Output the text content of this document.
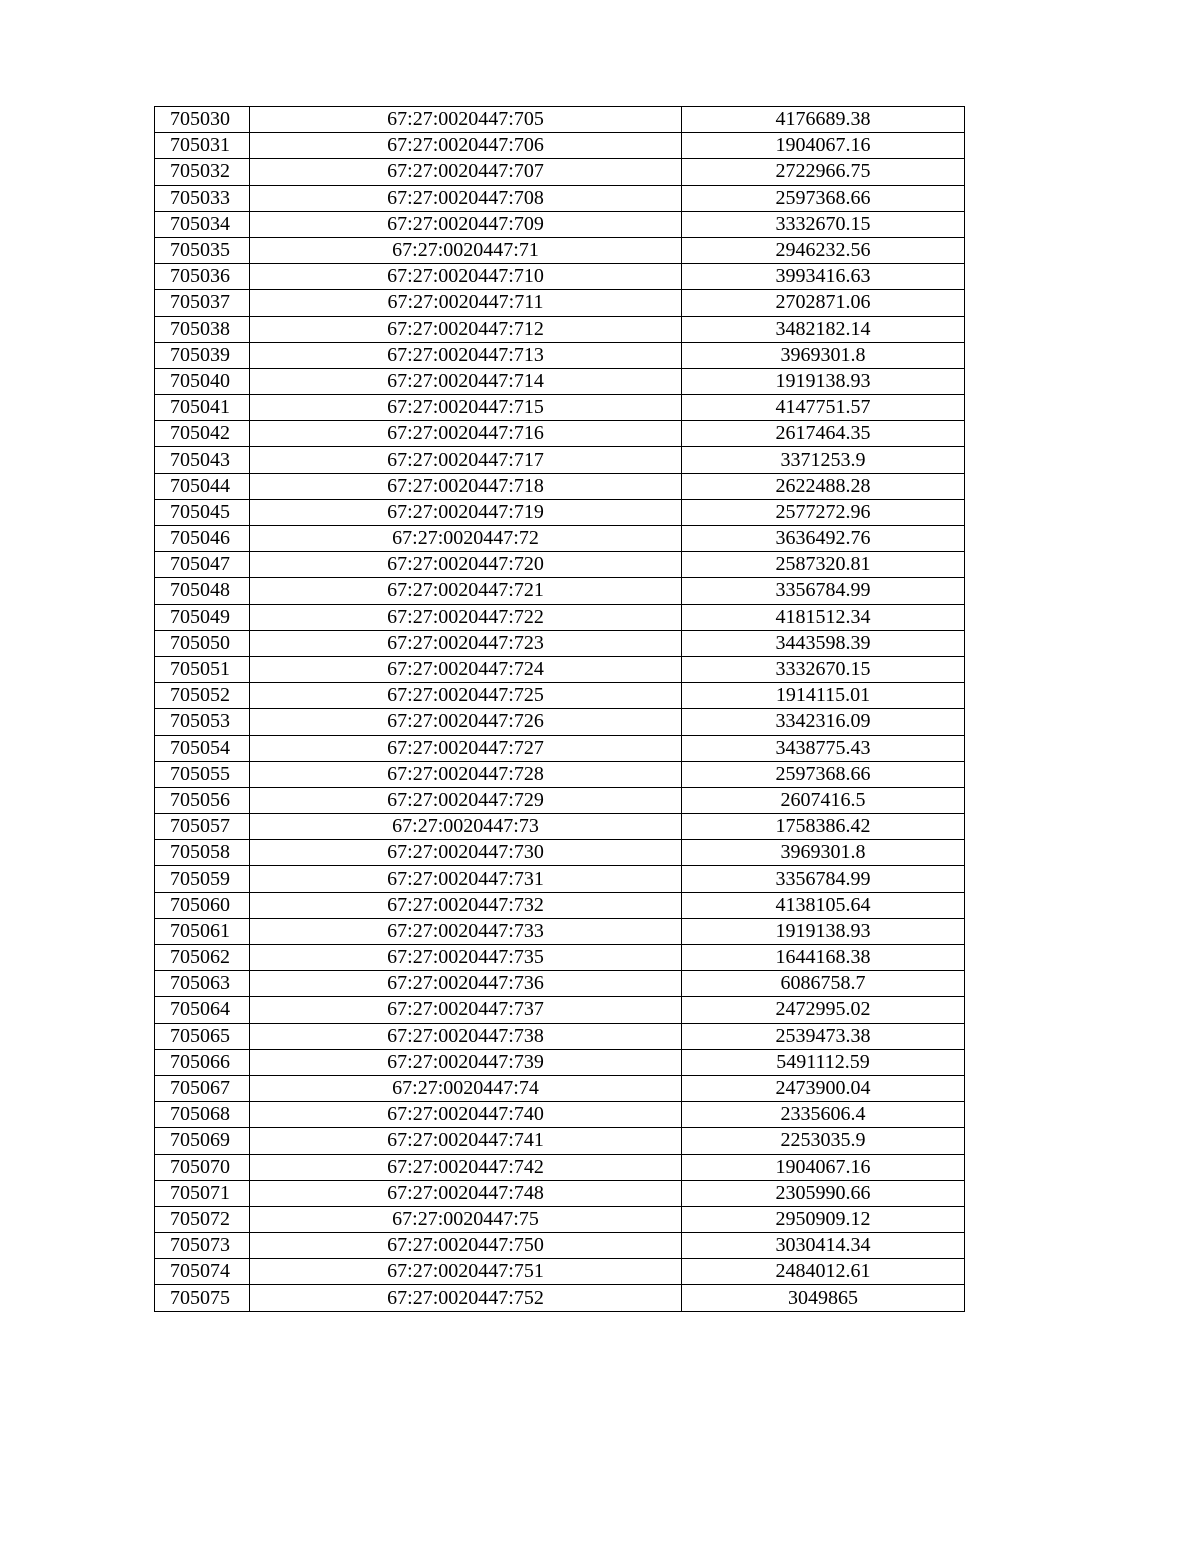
705030	67:27:0020447:705	4176689.38
705031	67:27:0020447:706	1904067.16
705032	67:27:0020447:707	2722966.75
705033	67:27:0020447:708	2597368.66
705034	67:27:0020447:709	3332670.15
705035	67:27:0020447:71	2946232.56
705036	67:27:0020447:710	3993416.63
705037	67:27:0020447:711	2702871.06
705038	67:27:0020447:712	3482182.14
705039	67:27:0020447:713	3969301.8
705040	67:27:0020447:714	1919138.93
705041	67:27:0020447:715	4147751.57
705042	67:27:0020447:716	2617464.35
705043	67:27:0020447:717	3371253.9
705044	67:27:0020447:718	2622488.28
705045	67:27:0020447:719	2577272.96
705046	67:27:0020447:72	3636492.76
705047	67:27:0020447:720	2587320.81
705048	67:27:0020447:721	3356784.99
705049	67:27:0020447:722	4181512.34
705050	67:27:0020447:723	3443598.39
705051	67:27:0020447:724	3332670.15
705052	67:27:0020447:725	1914115.01
705053	67:27:0020447:726	3342316.09
705054	67:27:0020447:727	3438775.43
705055	67:27:0020447:728	2597368.66
705056	67:27:0020447:729	2607416.5
705057	67:27:0020447:73	1758386.42
705058	67:27:0020447:730	3969301.8
705059	67:27:0020447:731	3356784.99
705060	67:27:0020447:732	4138105.64
705061	67:27:0020447:733	1919138.93
705062	67:27:0020447:735	1644168.38
705063	67:27:0020447:736	6086758.7
705064	67:27:0020447:737	2472995.02
705065	67:27:0020447:738	2539473.38
705066	67:27:0020447:739	5491112.59
705067	67:27:0020447:74	2473900.04
705068	67:27:0020447:740	2335606.4
705069	67:27:0020447:741	2253035.9
705070	67:27:0020447:742	1904067.16
705071	67:27:0020447:748	2305990.66
705072	67:27:0020447:75	2950909.12
705073	67:27:0020447:750	3030414.34
705074	67:27:0020447:751	2484012.61
705075	67:27:0020447:752	3049865
